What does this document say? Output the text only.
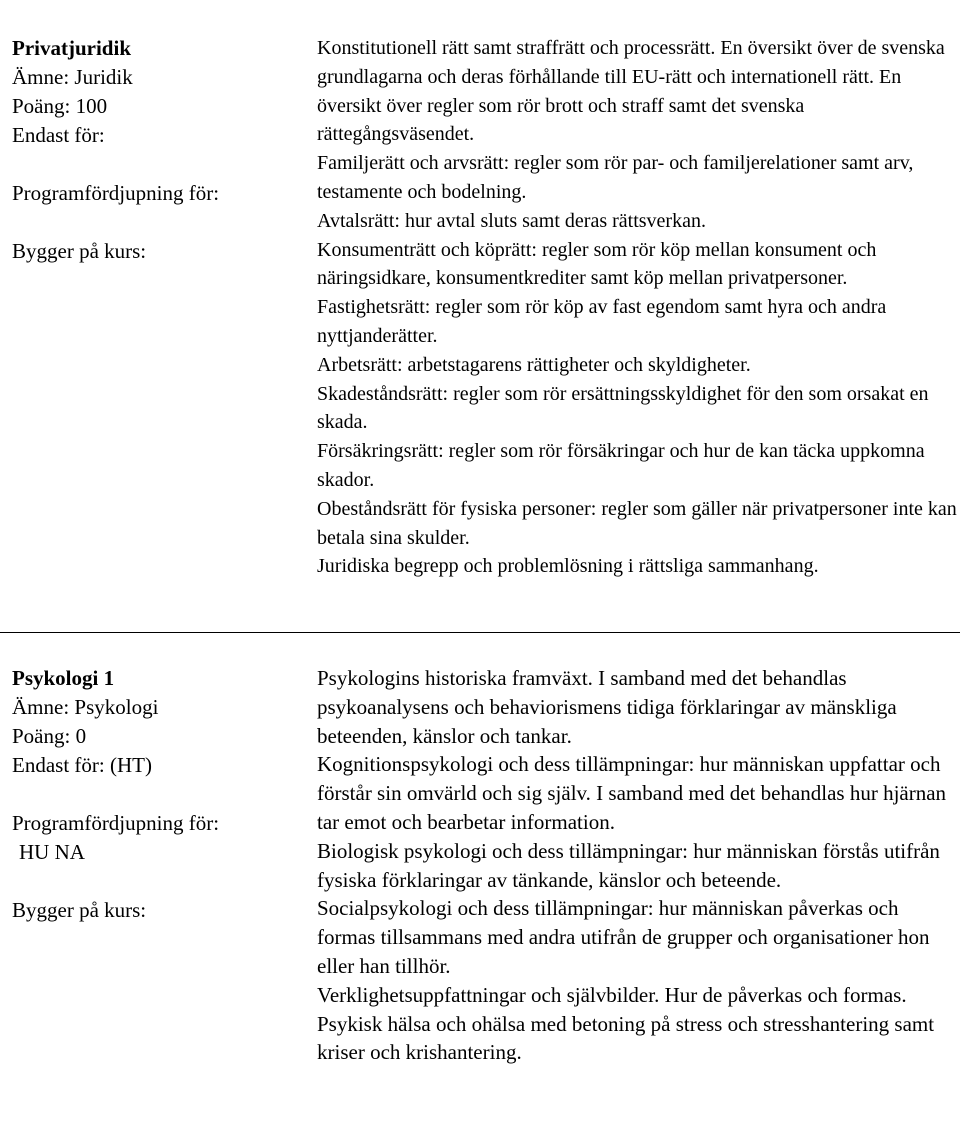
Privatjuridik
Ämne: Juridik
Poäng: 100
Endast för:
Programfördjupning för:
Bygger på kurs:

Konstitutionell rätt samt straffrätt och processrätt. En översikt över de svenska grundlagarna och deras förhållande till EU-rätt och internationell rätt. En översikt över regler som rör brott och straff samt det svenska rättegångsväsendet.

Familjerätt och arvsrätt: regler som rör par- och familjerelationer samt arv, testamente och bodelning.

Avtalsrätt: hur avtal sluts samt deras rättsverkan.

Konsumenträtt och köprätt: regler som rör köp mellan konsument och näringsidkare, konsumentkrediter samt köp mellan privatpersoner.

Fastighetsrätt: regler som rör köp av fast egendom samt hyra och andra nyttjanderätter.

Arbetsrätt: arbetstagarens rättigheter och skyldigheter.

Skadeståndsrätt: regler som rör ersättningsskyldighet för den som orsakat en skada.

Försäkringsrätt: regler som rör försäkringar och hur de kan täcka uppkomna skador.

Obeståndsrätt för fysiska personer: regler som gäller när privatpersoner inte kan betala sina skulder.

Juridiska begrepp och problemlösning i rättsliga sammanhang.

Psykologi 1
Ämne: Psykologi
Poäng: 0
Endast för: (HT)
Programfördjupning för:
HU NA
Bygger på kurs:

Psykologins historiska framväxt. I samband med det behandlas psykoanalysens och behaviorismens tidiga förklaringar av mänskliga beteenden, känslor och tankar.

Kognitionspsykologi och dess tillämpningar: hur människan uppfattar och förstår sin omvärld och sig själv. I samband med det behandlas hur hjärnan tar emot och bearbetar information.

Biologisk psykologi och dess tillämpningar: hur människan förstås utifrån fysiska förklaringar av tänkande, känslor och beteende.

Socialpsykologi och dess tillämpningar: hur människan påverkas och formas tillsammans med andra utifrån de grupper och organisationer hon eller han tillhör.

Verklighetsuppfattningar och självbilder. Hur de påverkas och formas.

Psykisk hälsa och ohälsa med betoning på stress och stresshantering samt kriser och krishantering.
